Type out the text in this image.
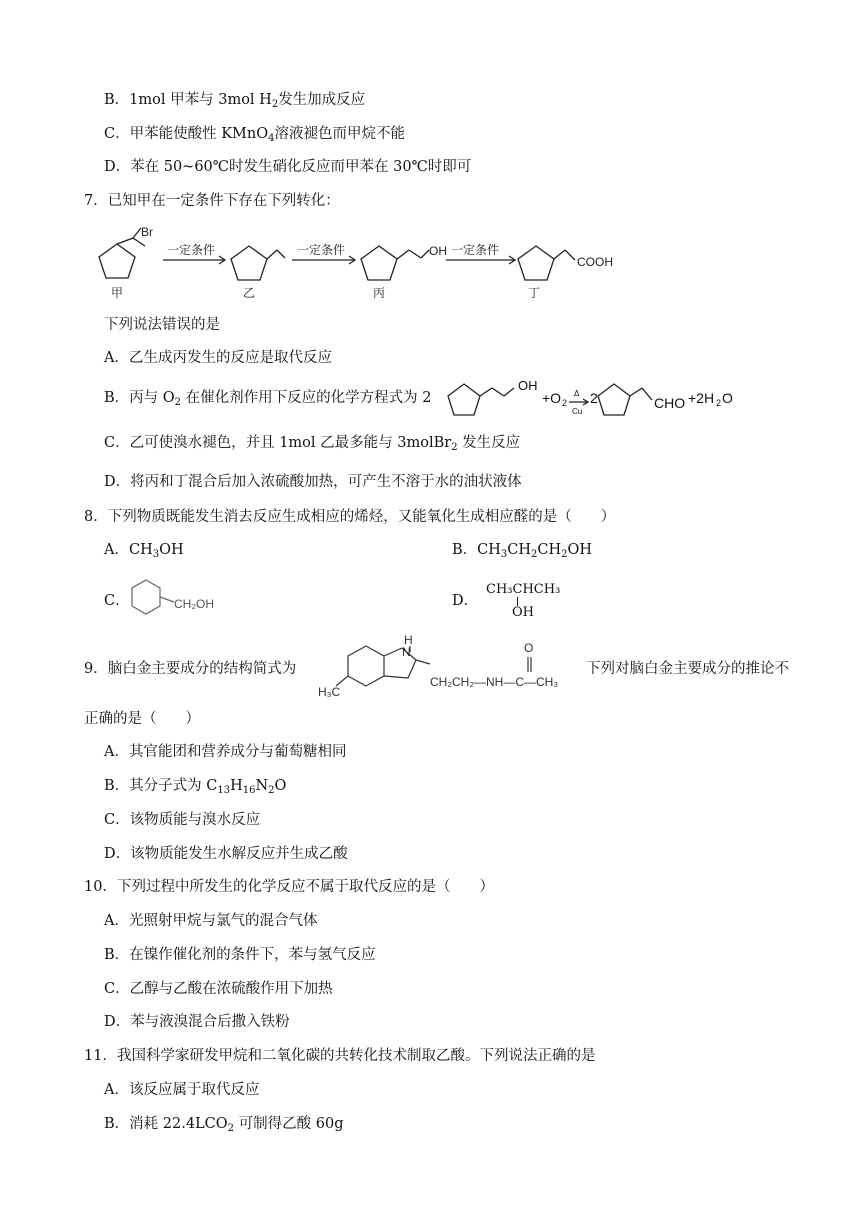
B．1mol 甲苯与 3mol $H_2$发生加成反应
C．甲苯能使酸性 KMnO$_4$溶液褪色而甲烷不能
D．苯在 50~60℃时发生硝化反应而甲苯在 30℃时即可
7．已知甲在一定条件下存在下列转化：
Br
OH
COOH
一定条件	一定条件	一定条件
甲	乙	丙	丁
下列说法错误的是
A．乙生成丙发生的反应是取代反应
B．丙与 $O_2$ 在催化剂作用下反应的化学方程式为 2
OH
+O 2
Δ
Cu
2	CHO +2H 2 O
C．乙可使溴水褪色，并且 1mol 乙最多能与 3molBr$_2$ 发生反应
D．将丙和丁混合后加入浓硫酸加热，可产生不溶于水的油状液体
8．下列物质既能发生消去反应生成相应的烯烃，又能氧化生成相应醛的是（　　）
A．$CH_3OH$	B．$CH_3CH_2CH_2OH$
C．	CH₂OH	D．
CH₃CHCH₃
OH
9．脑白金主要成分的结构简式为
H
N	O
H₃C
CH₂CH₂—NH—C—CH₃
下列对脑白金主要成分的推论不
正确的是（　　）
A．其官能团和营养成分与葡萄糖相同
B．其分子式为 $C_{13}H_{16}N_2O$
C．该物质能与溴水反应
D．该物质能发生水解反应并生成乙酸
10．下列过程中所发生的化学反应不属于取代反应的是（　　）
A．光照射甲烷与氯气的混合气体
B．在镍作催化剂的条件下，苯与氢气反应
C．乙醇与乙酸在浓硫酸作用下加热
D．苯与液溴混合后撒入铁粉
11．我国科学家研发甲烷和二氧化碳的共转化技术制取乙酸。下列说法正确的是
A．该反应属于取代反应
B．消耗 $22.4LCO_2$ 可制得乙酸 60g
